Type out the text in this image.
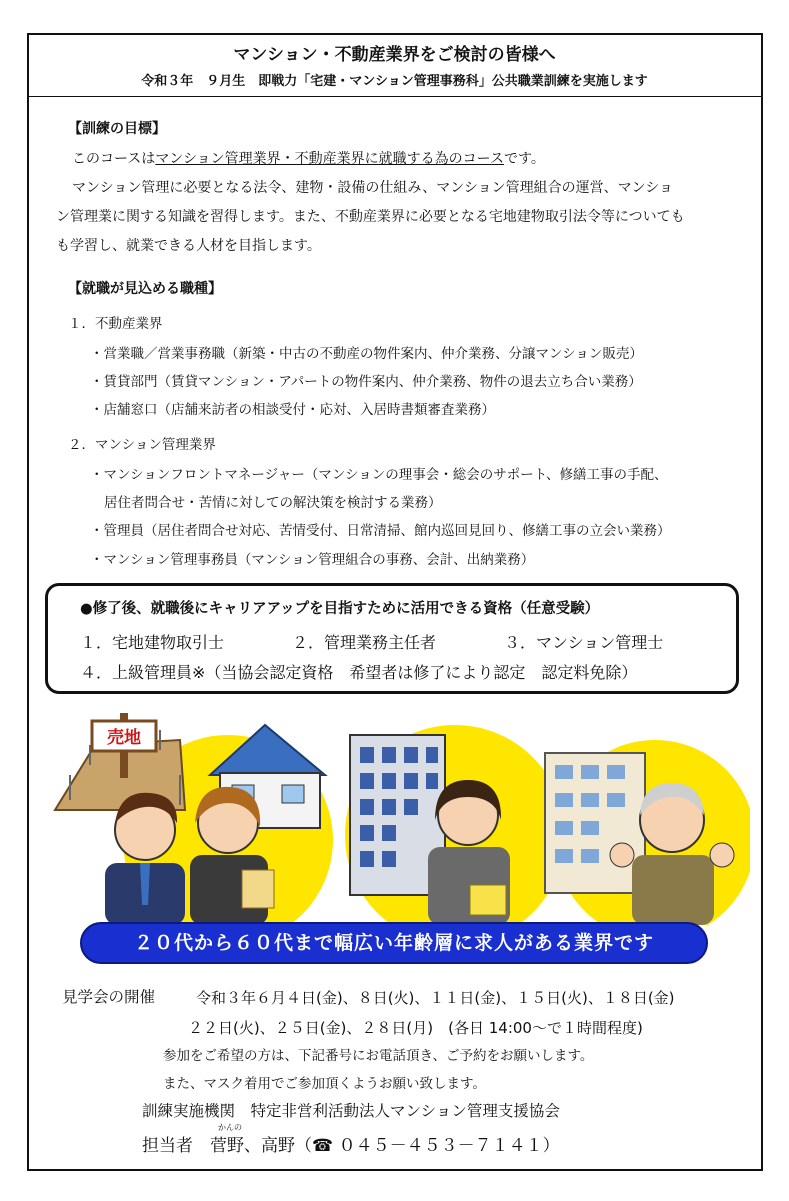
マンション・不動産業界をご検討の皆様へ
令和３年　９月生　即戦力「宅建・マンション管理事務科」公共職業訓練を実施します
【訓練の目標】
このコースはマンション管理業界・不動産業界に就職する為のコースです。
マンション管理に必要となる法令、建物・設備の仕組み、マンション管理組合の運営、マンショ
ン管理業に関する知識を習得します。また、不動産業界に必要となる宅地建物取引法令等についても
も学習し、就業できる人材を目指します。
【就職が見込める職種】
１．不動産業界
・営業職／営業事務職（新築・中古の不動産の物件案内、仲介業務、分譲マンション販売）
・賃貸部門（賃貸マンション・アパートの物件案内、仲介業務、物件の退去立ち合い業務）
・店舗窓口（店舗来訪者の相談受付・応対、入居時書類審査業務）
２．マンション管理業界
・マンションフロントマネージャー（マンションの理事会・総会のサポート、修繕工事の手配、
居住者問合せ・苦情に対しての解決策を検討する業務）
・管理員（居住者問合せ対応、苦情受付、日常清掃、館内巡回見回り、修繕工事の立会い業務）
・マンション管理事務員（マンション管理組合の事務、会計、出納業務）
●修了後、就職後にキャリアアップを目指すために活用できる資格（任意受験）
１．宅地建物取引士	２．管理業務主任者	３．マンション管理士
４．上級管理員※（当協会認定資格　希望者は修了により認定　認定料免除）
売地
２０代から６０代まで幅広い年齢層に求人がある業界です
見学会の開催	令和３年６月４日(金)、８日(火)、１１日(金)、１５日(火)、１８日(金)
２２日(火)、２５日(金)、２８日(月)　(各日 14:00～で１時間程度)
参加をご希望の方は、下記番号にお電話頂き、ご予約をお願いします。
また、マスク着用でご参加頂くようお願い致します。
訓練実施機関　 特定非営利活動法人マンション管理支援協会
かんの
担当者　 菅野、高野（☎ ０４５－４５３－７１４１）
